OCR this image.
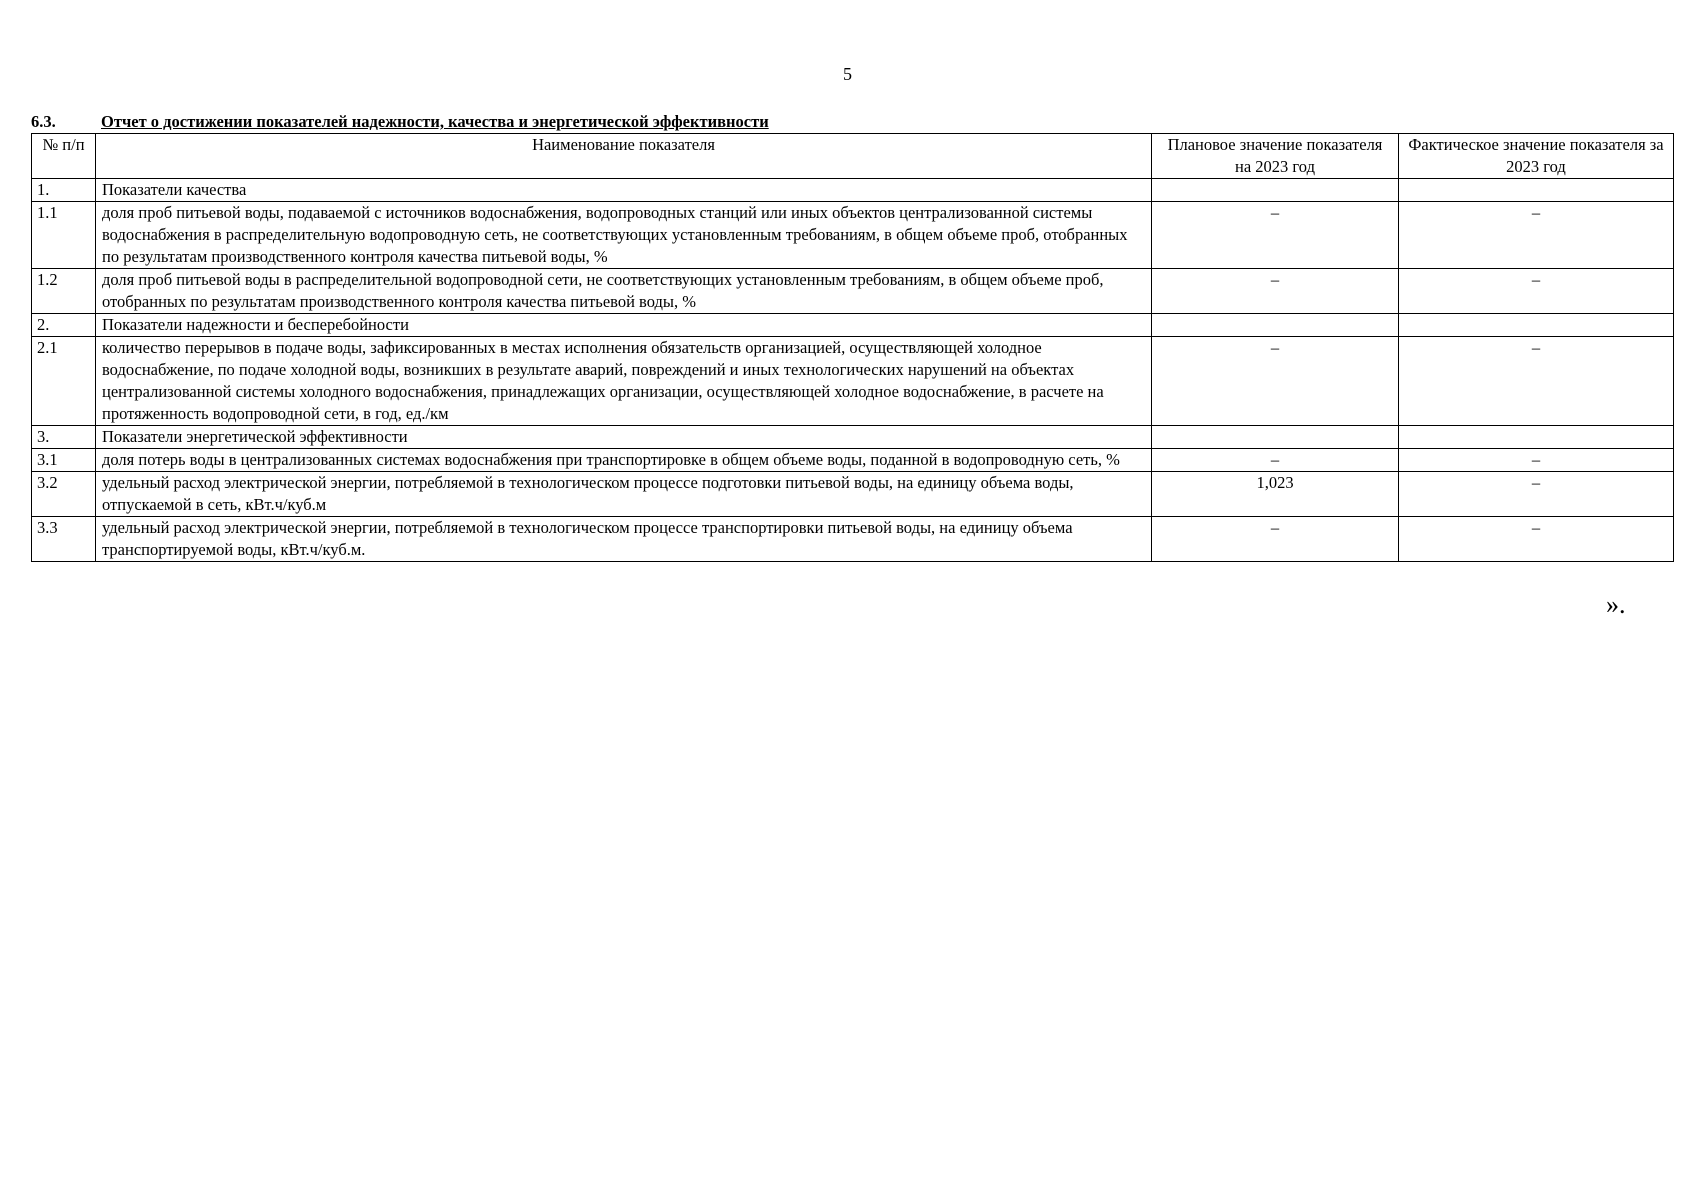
5
6.3.	Отчет о достижении показателей надежности, качества и энергетической эффективности
№ п/п	Наименование показателя	Плановое значение показателя на 2023 год	Фактическое значение показателя за 2023 год
1.	Показатели качества		
1.1	доля проб питьевой воды, подаваемой с источников водоснабжения, водопроводных станций или иных объектов централизованной системы водоснабжения в распределительную водопроводную сеть, не соответствующих установленным требованиям, в общем объеме проб, отобранных по результатам производственного контроля качества питьевой воды, %	–	–
1.2	доля проб питьевой воды в распределительной водопроводной сети, не соответствующих установленным требованиям, в общем объеме проб, отобранных по результатам производственного контроля качества питьевой воды, %	–	–
2.	Показатели надежности и бесперебойности		
2.1	количество перерывов в подаче воды, зафиксированных в местах исполнения обязательств организацией, осуществляющей холодное водоснабжение, по подаче холодной воды, возникших в результате аварий, повреждений и иных технологических нарушений на объектах централизованной системы холодного водоснабжения, принадлежащих организации, осуществляющей холодное водоснабжение, в расчете на протяженность водопроводной сети, в год, ед./км	–	–
3.	Показатели энергетической эффективности		
3.1	доля потерь воды в централизованных системах водоснабжения при транспортировке в общем объеме воды, поданной в водопроводную сеть, %	–	–
3.2	удельный расход электрической энергии, потребляемой в технологическом процессе подготовки питьевой воды, на единицу объема воды, отпускаемой в сеть, кВт.ч/куб.м	1,023	–
3.3	удельный расход электрической энергии, потребляемой в технологическом процессе транспортировки питьевой воды, на единицу объема транспортируемой воды, кВт.ч/куб.м.	–	–
».
